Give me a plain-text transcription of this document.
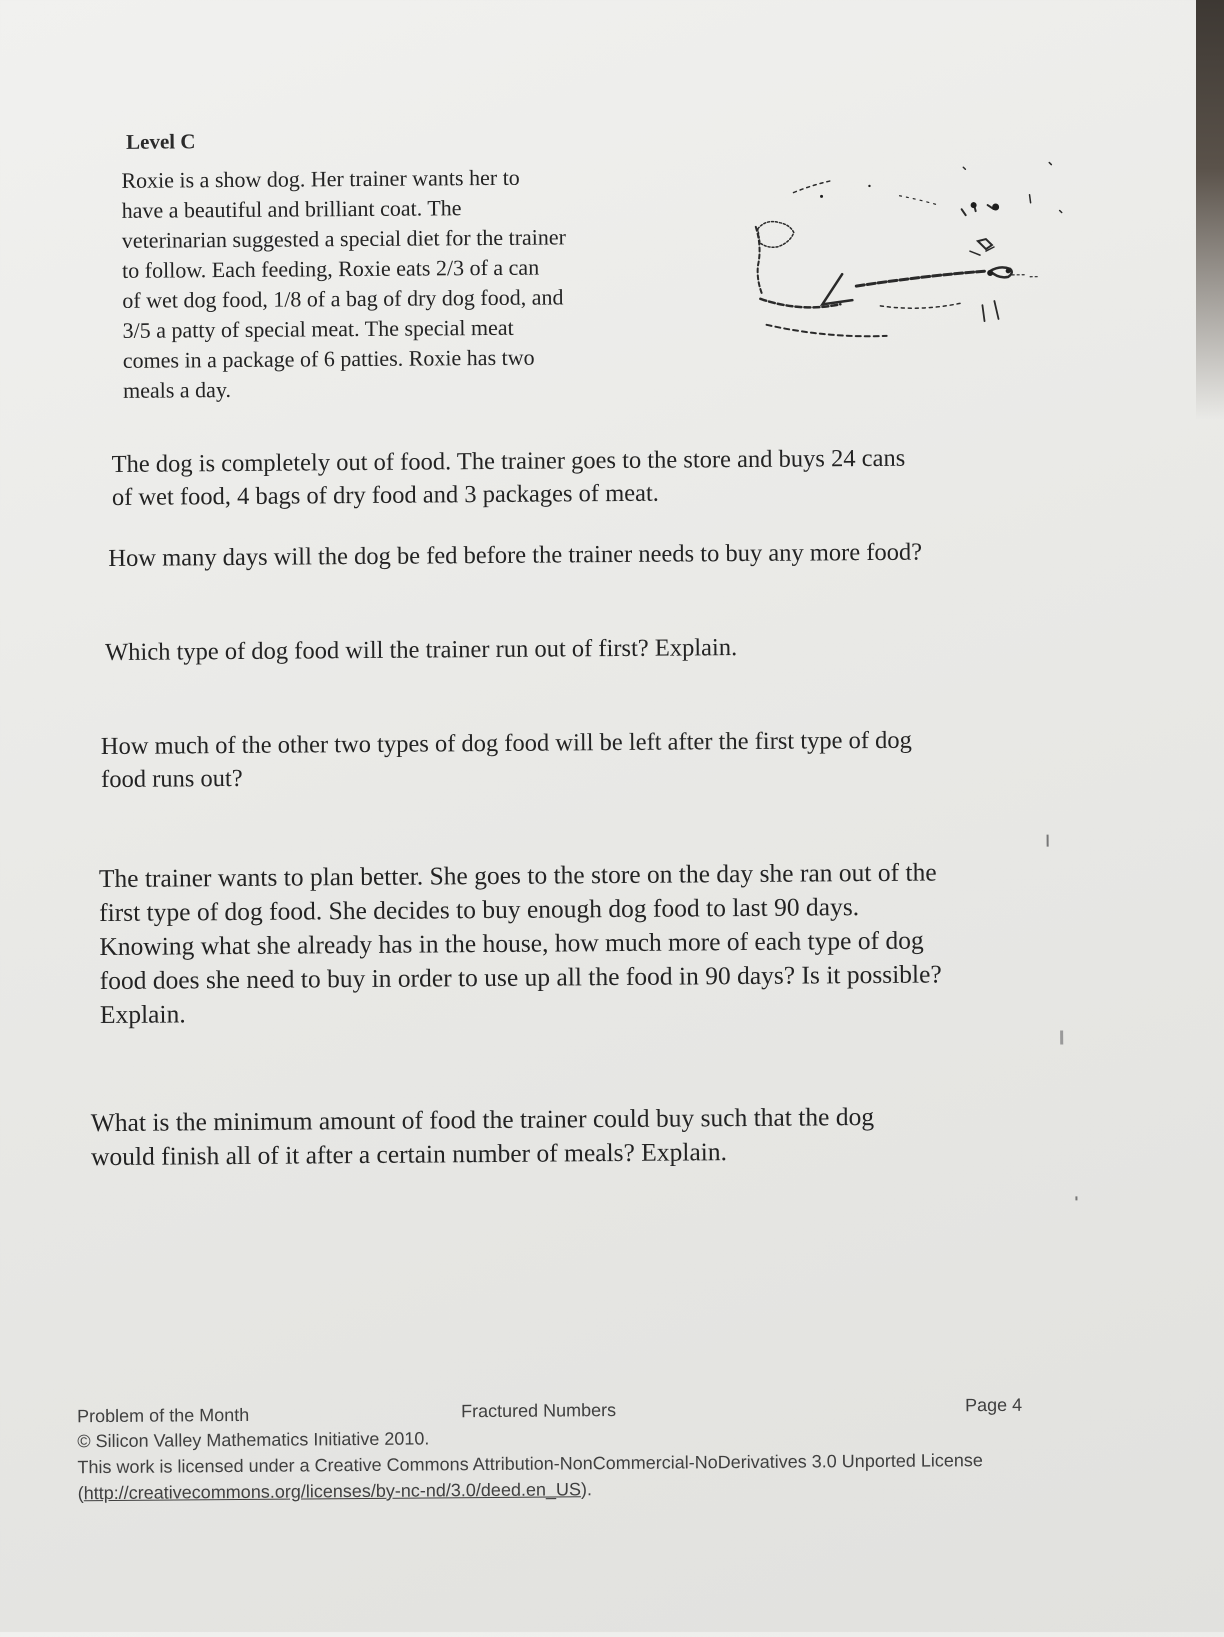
Level C
Roxie is a show dog. Her trainer wants her to
have a beautiful and brilliant coat. The
veterinarian suggested a special diet for the trainer
to follow. Each feeding, Roxie eats 2/3 of a can
of wet dog food, 1/8 of a bag of dry dog food, and
3/5 a patty of special meat. The special meat
comes in a package of 6 patties. Roxie has two
meals a day.
The dog is completely out of food. The trainer goes to the store and buys 24 cans
of wet food, 4 bags of dry food and 3 packages of meat.
How many days will the dog be fed before the trainer needs to buy any more food?
Which type of dog food will the trainer run out of first? Explain.
How much of the other two types of dog food will be left after the first type of dog
food runs out?
The trainer wants to plan better. She goes to the store on the day she ran out of the
first type of dog food. She decides to buy enough dog food to last 90 days.
Knowing what she already has in the house, how much more of each type of dog
food does she need to buy in order to use up all the food in 90 days? Is it possible?
Explain.
What is the minimum amount of food the trainer could buy such that the dog
would finish all of it after a certain number of meals? Explain.
Problem of the Month	Fractured Numbers	Page 4
© Silicon Valley Mathematics Initiative 2010.
This work is licensed under a Creative Commons Attribution-NonCommercial-NoDerivatives 3.0 Unported License
(http://creativecommons.org/licenses/by-nc-nd/3.0/deed.en_US).
